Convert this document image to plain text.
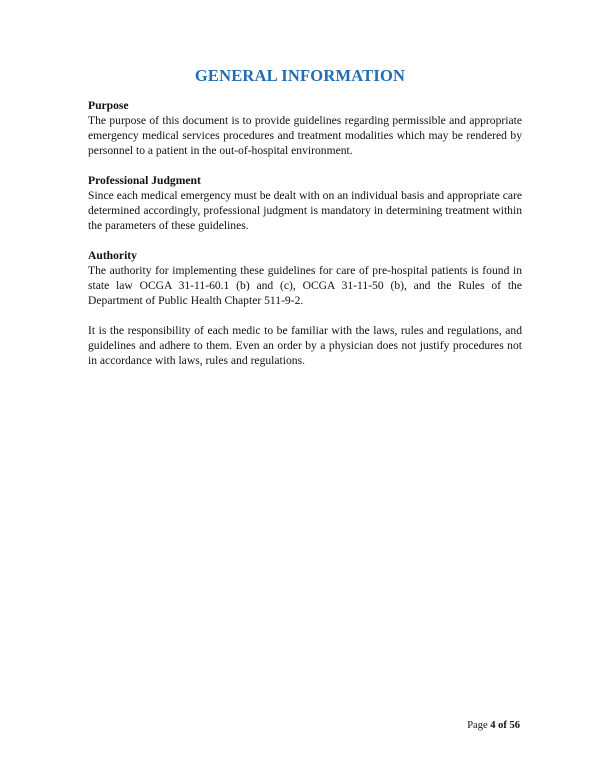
GENERAL INFORMATION

Purpose

The purpose of this document is to provide guidelines regarding permissible and appropriate emergency medical services procedures and treatment modalities which may be rendered by personnel to a patient in the out-of-hospital environment.

Professional Judgment

Since each medical emergency must be dealt with on an individual basis and appropriate care determined accordingly, professional judgment is mandatory in determining treatment within the parameters of these guidelines.

Authority

The authority for implementing these guidelines for care of pre-hospital patients is found in state law OCGA 31-11-60.1 (b) and (c), OCGA 31-11-50 (b), and the Rules of the Department of Public Health Chapter 511-9-2.

It is the responsibility of each medic to be familiar with the laws, rules and regulations, and guidelines and adhere to them. Even an order by a physician does not justify procedures not in accordance with laws, rules and regulations.

Page 4 of 56
